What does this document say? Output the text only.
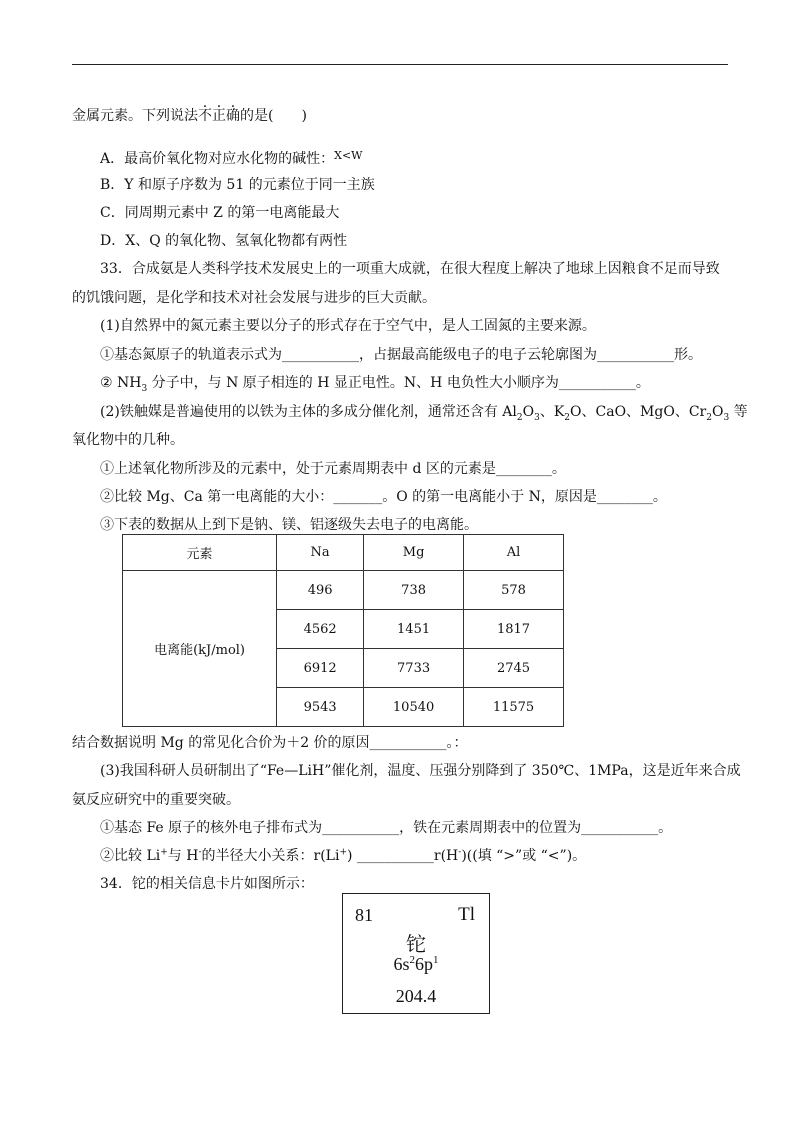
金属元素。下列说法不正确的是(　　)
A．最高价氧化物对应水化物的碱性：$^{X<W}$
B．Y 和原子序数为 51 的元素位于同一主族
C．同周期元素中 Z 的第一电离能最大
D．X、Q 的氧化物、氢氧化物都有两性
33．合成氨是人类科学技术发展史上的一项重大成就，在很大程度上解决了地球上因粮食不足而导致
的饥饿问题，是化学和技术对社会发展与进步的巨大贡献。
(1)自然界中的氮元素主要以分子的形式存在于空气中，是人工固氮的主要来源。
①基态氮原子的轨道表示式为___________，占据最高能级电子的电子云轮廓图为___________形。
② $NH_3$ 分子中，与 N 原子相连的 H 显正电性。N、H 电负性大小顺序为___________。
(2)铁触媒是普遍使用的以铁为主体的多成分催化剂，通常还含有 $Al_2O_3$、$K_2O$、CaO、MgO、$Cr_2O_3$ 等
氧化物中的几种。
①上述氧化物所涉及的元素中，处于元素周期表中 d 区的元素是________。
②比较 Mg、Ca 第一电离能的大小：_______。O 的第一电离能小于 N，原因是________。
③下表的数据从上到下是钠、镁、铝逐级失去电子的电离能。
元素	Na	Mg	Al
电离能(kJ/mol)	496	738	578
	4562	1451	1817
	6912	7733	2745
	9543	10540	11575
结合数据说明 Mg 的常见化合价为＋2 价的原因___________。：
(3)我国科研人员研制出了“Fe—LiH”催化剂，温度、压强分别降到了 350℃、1MPa，这是近年来合成
氨反应研究中的重要突破。
①基态 Fe 原子的核外电子排布式为___________，铁在元素周期表中的位置为___________。
②比较 Li+与 H-的半径大小关系：r(Li+) ___________r(H-)((填 “>”或 “<”)。
34．铊的相关信息卡片如图所示：
81	Tl
铊
$6s^26p^1$
204.4
